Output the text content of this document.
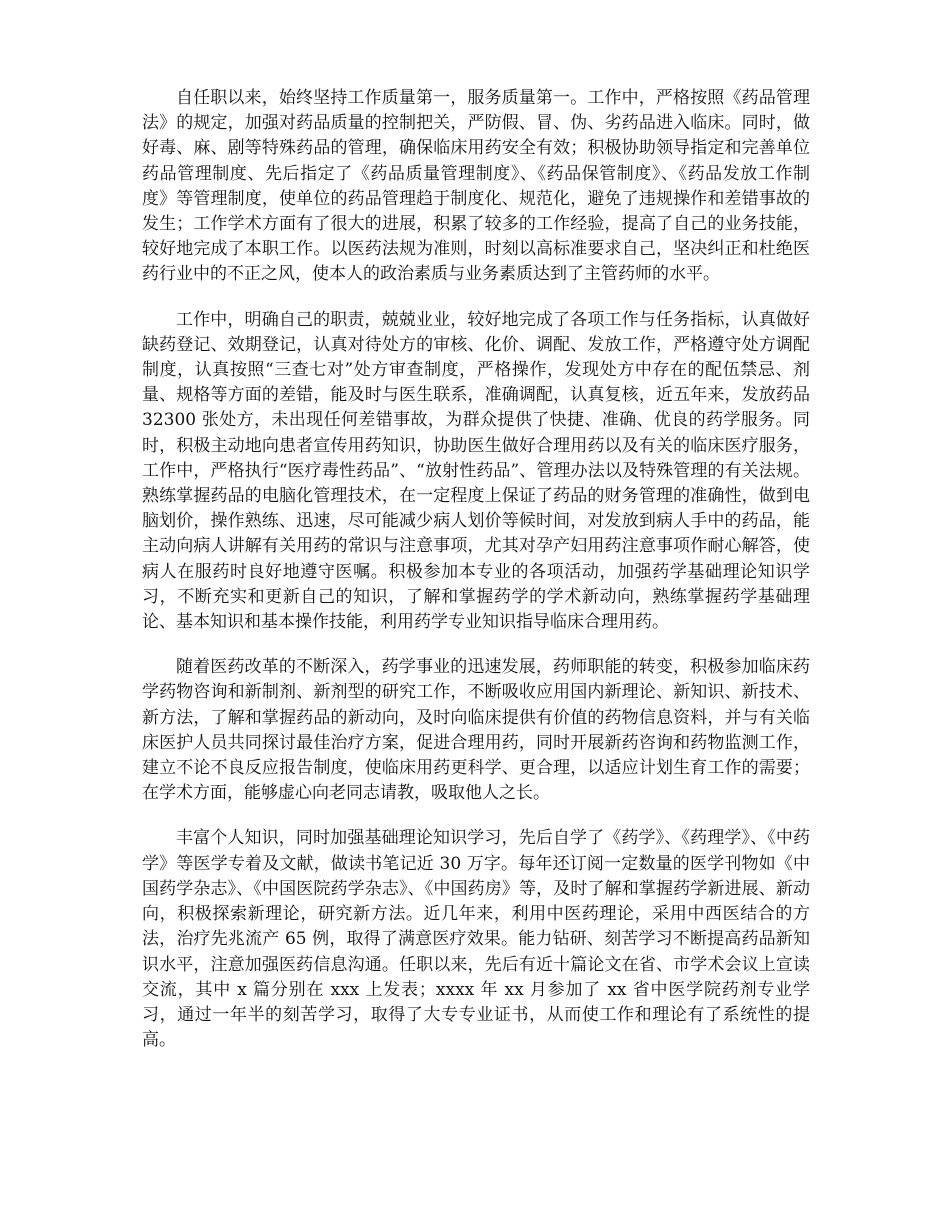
自任职以来，始终坚持工作质量第一，服务质量第一。工作中，严格按照《药品管理法》的规定，加强对药品质量的控制把关，严防假、冒、伪、劣药品进入临床。同时，做好毒、麻、剧等特殊药品的管理，确保临床用药安全有效；积极协助领导指定和完善单位药品管理制度、先后指定了《药品质量管理制度》、《药品保管制度》、《药品发放工作制度》等管理制度，使单位的药品管理趋于制度化、规范化，避免了违规操作和差错事故的发生；工作学术方面有了很大的进展，积累了较多的工作经验，提高了自己的业务技能，较好地完成了本职工作。以医药法规为准则，时刻以高标准要求自己，坚决纠正和杜绝医药行业中的不正之风，使本人的政治素质与业务素质达到了主管药师的水平。

工作中，明确自己的职责，兢兢业业，较好地完成了各项工作与任务指标，认真做好缺药登记、效期登记，认真对待处方的审核、化价、调配、发放工作，严格遵守处方调配制度，认真按照“三查七对”处方审查制度，严格操作，发现处方中存在的配伍禁忌、剂量、规格等方面的差错，能及时与医生联系，准确调配，认真复核，近五年来，发放药品 32300 张处方，未出现任何差错事故，为群众提供了快捷、准确、优良的药学服务。同时，积极主动地向患者宣传用药知识，协助医生做好合理用药以及有关的临床医疗服务，工作中，严格执行“医疗毒性药品”、“放射性药品”、管理办法以及特殊管理的有关法规。熟练掌握药品的电脑化管理技术，在一定程度上保证了药品的财务管理的准确性，做到电脑划价，操作熟练、迅速，尽可能减少病人划价等候时间，对发放到病人手中的药品，能主动向病人讲解有关用药的常识与注意事项，尤其对孕产妇用药注意事项作耐心解答，使病人在服药时良好地遵守医嘱。积极参加本专业的各项活动，加强药学基础理论知识学习，不断充实和更新自己的知识，了解和掌握药学的学术新动向，熟练掌握药学基础理论、基本知识和基本操作技能，利用药学专业知识指导临床合理用药。

随着医药改革的不断深入，药学事业的迅速发展，药师职能的转变，积极参加临床药学药物咨询和新制剂、新剂型的研究工作，不断吸收应用国内新理论、新知识、新技术、新方法，了解和掌握药品的新动向，及时向临床提供有价值的药物信息资料，并与有关临床医护人员共同探讨最佳治疗方案，促进合理用药，同时开展新药咨询和药物监测工作，建立不论不良反应报告制度，使临床用药更科学、更合理，以适应计划生育工作的需要；在学术方面，能够虚心向老同志请教，吸取他人之长。

丰富个人知识，同时加强基础理论知识学习，先后自学了《药学》、《药理学》、《中药学》等医学专着及文献，做读书笔记近 30 万字。每年还订阅一定数量的医学刊物如《中国药学杂志》、《中国医院药学杂志》、《中国药房》等，及时了解和掌握药学新进展、新动向，积极探索新理论，研究新方法。近几年来，利用中医药理论，采用中西医结合的方法，治疗先兆流产 65 例，取得了满意医疗效果。能力钻研、刻苦学习不断提高药品新知识水平，注意加强医药信息沟通。任职以来，先后有近十篇论文在省、市学术会议上宣读交流，其中 x 篇分别在 xxx 上发表；xxxx 年 xx 月参加了 xx 省中医学院药剂专业学习，通过一年半的刻苦学习，取得了大专专业证书，从而使工作和理论有了系统性的提高。
